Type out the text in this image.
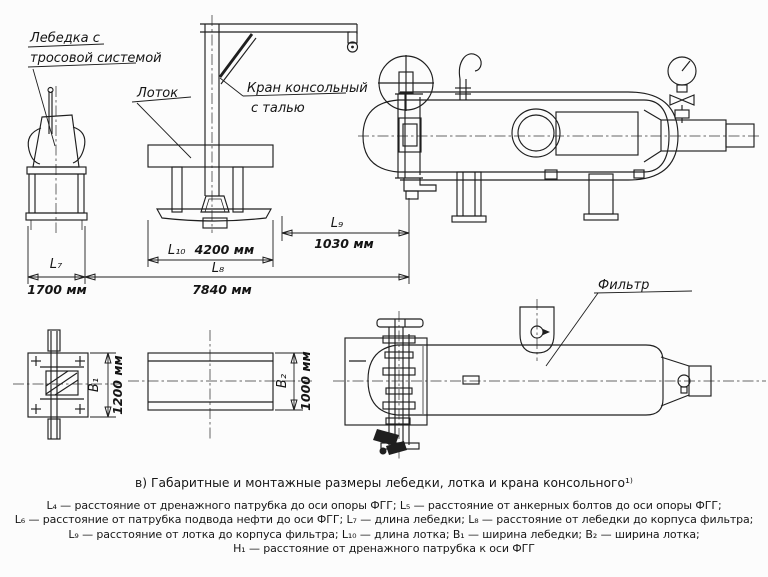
Лебедка с
тросовой системой
Кран консольный
с талью
Лоток
L₉
1030 мм
L₁₀ 4200 мм
L₇
1700 мм
L₈
7840 мм
B₁ 1200 мм	B₂ 1000 мм
Фильтр
в) Габаритные и монтажные размеры лебедки, лотка и крана консольного¹⁾
L₄ — расстояние от дренажного патрубка до оси опоры ФГГ; L₅ — расстояние от анкерных болтов до оси опоры ФГГ;
L₆ — расстояние от патрубка подвода нефти до оси ФГГ; L₇ — длина лебедки; L₈ — расстояние от лебедки до корпуса фильтра;
L₉ — расстояние от лотка до корпуса фильтра; L₁₀ — длина лотка; B₁ — ширина лебедки; B₂ — ширина лотка;
H₁ — расстояние от дренажного патрубка к оси ФГГ
